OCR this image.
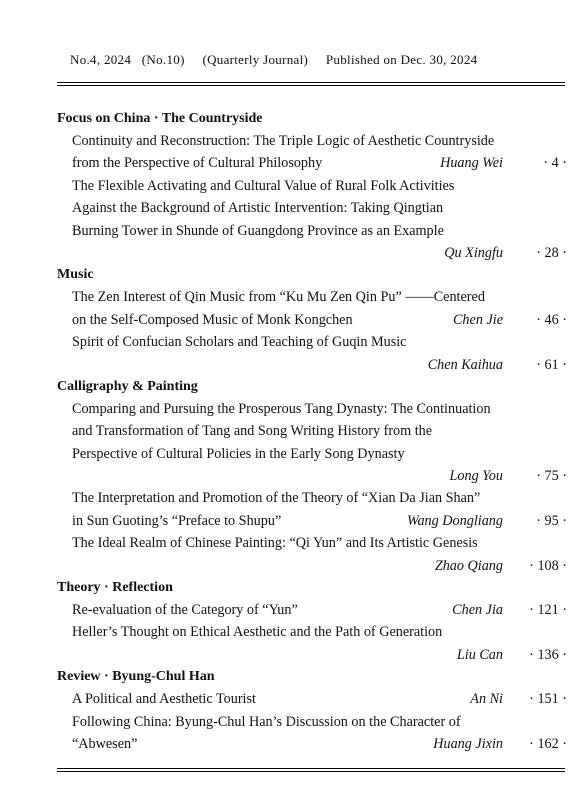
No.4, 2024 (No.10) (Quarterly Journal) Published on Dec. 30, 2024
Focus on China · The Countryside
Continuity and Reconstruction: The Triple Logic of Aesthetic Countryside
from the Perspective of Cultural Philosophy	Huang Wei	· 4 ·
The Flexible Activating and Cultural Value of Rural Folk Activities
Against the Background of Artistic Intervention: Taking Qingtian
Burning Tower in Shunde of Guangdong Province as an Example
Qu Xingfu · 28 ·
Music
The Zen Interest of Qin Music from “Ku Mu Zen Qin Pu” ——Centered
on the Self-Composed Music of Monk Kongchen	Chen Jie · 46 ·
Spirit of Confucian Scholars and Teaching of Guqin Music
Chen Kaihua · 61 ·
Calligraphy & Painting
Comparing and Pursuing the Prosperous Tang Dynasty: The Continuation
and Transformation of Tang and Song Writing History from the
Perspective of Cultural Policies in the Early Song Dynasty
Long You · 75 ·
The Interpretation and Promotion of the Theory of “Xian Da Jian Shan”
in Sun Guoting’s “Preface to Shupu”	Wang Dongliang · 95 ·
The Ideal Realm of Chinese Painting: “Qi Yun” and Its Artistic Genesis
Zhao Qiang · 108 ·
Theory · Reflection
Re-evaluation of the Category of “Yun”	Chen Jia · 121 ·
Heller’s Thought on Ethical Aesthetic and the Path of Generation
Liu Can · 136 ·
Review · Byung-Chul Han
A Political and Aesthetic Tourist	An Ni · 151 ·
Following China: Byung-Chul Han’s Discussion on the Character of
“Abwesen”	Huang Jixin · 162 ·
